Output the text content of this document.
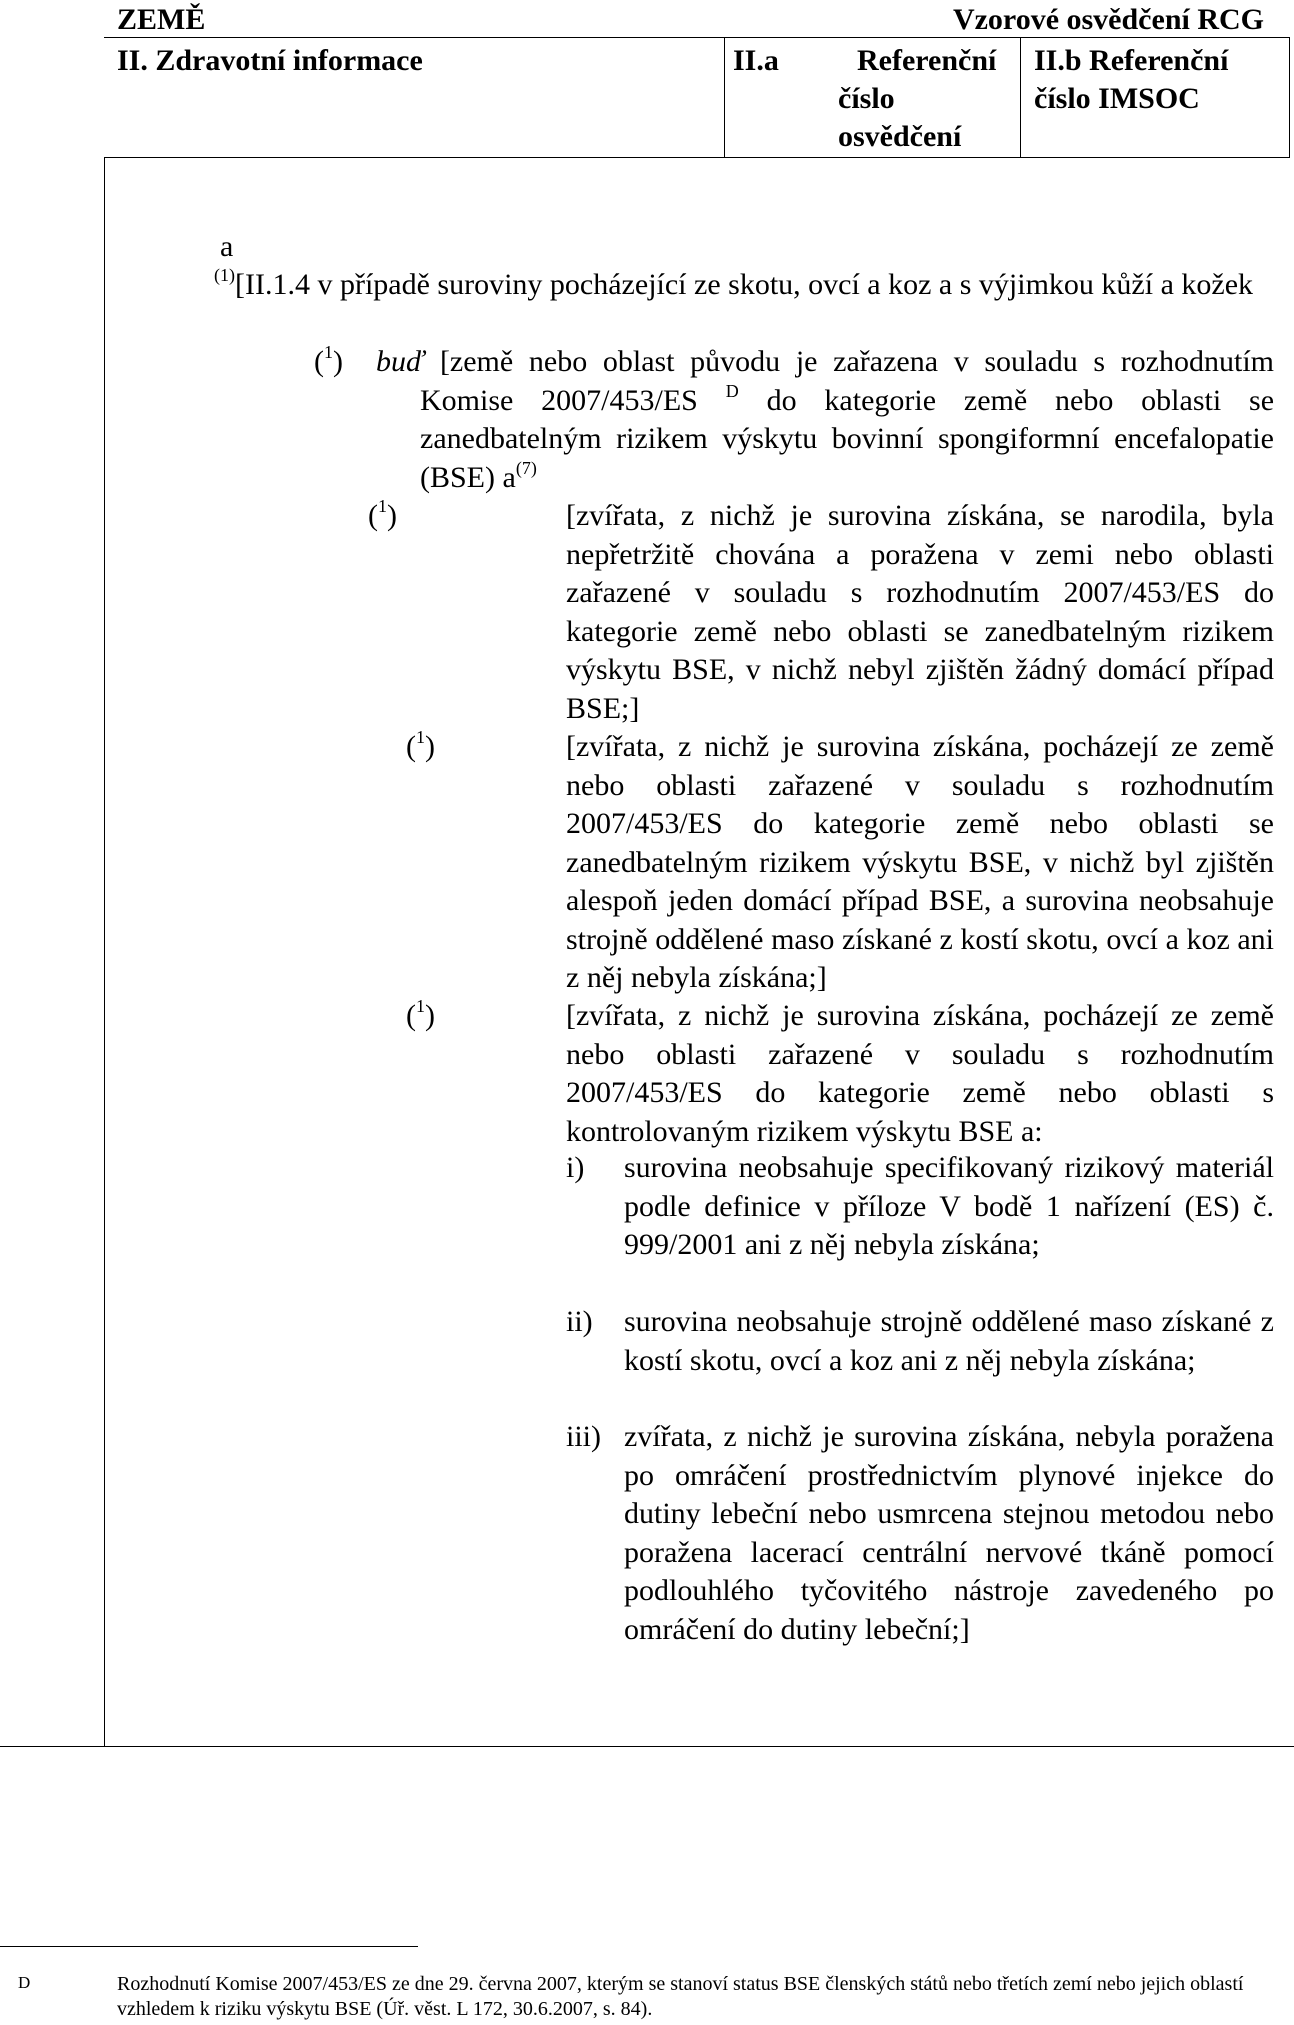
ZEMĚ	Vzorové osvědčení RCG
II. Zdravotní informace	II.a	Referenční
číslo
osvědčení
II.b Referenční
číslo IMSOC
a
$^{(1)}$[II.1.4 v případě suroviny pocházející ze skotu, ovcí a koz a s výjimkou kůží a kožek
($^1$)	buď [země nebo oblast původu je zařazena v souladu s rozhodnutím Komise 2007/453/ES $^D$ do kategorie země nebo oblasti se zanedbatelným rizikem výskytu bovinní spongiformní encefalopatie (BSE) $a^{(7)}$
($^1$)	[zvířata, z nichž je surovina získána, se narodila, byla nepřetržitě chována a poražena v zemi nebo oblasti zařazené v souladu s rozhodnutím 2007/453/ES do kategorie země nebo oblasti se zanedbatelným rizikem výskytu BSE, v nichž nebyl zjištěn žádný domácí případ BSE;]
($^1$)	[zvířata, z nichž je surovina získána, pocházejí ze země nebo oblasti zařazené v souladu s rozhodnutím 2007/453/ES do kategorie země nebo oblasti se zanedbatelným rizikem výskytu BSE, v nichž byl zjištěn alespoň jeden domácí případ BSE, a surovina neobsahuje strojně oddělené maso získané z kostí skotu, ovcí a koz ani z něj nebyla získána;]
($^1$)	[zvířata, z nichž je surovina získána, pocházejí ze země nebo oblasti zařazené v souladu s rozhodnutím 2007/453/ES do kategorie země nebo oblasti s kontrolovaným rizikem výskytu BSE a:
i) surovina neobsahuje specifikovaný rizikový materiál podle definice v příloze V bodě 1 nařízení (ES) č. 999/2001 ani z něj nebyla získána;
ii) surovina neobsahuje strojně oddělené maso získané z kostí skotu, ovcí a koz ani z něj nebyla získána;
iii) zvířata, z nichž je surovina získána, nebyla poražena po omráčení prostřednictvím plynové injekce do dutiny lebeční nebo usmrcena stejnou metodou nebo poražena lacerací centrální nervové tkáně pomocí podlouhlého tyčovitého nástroje zavedeného po omráčení do dutiny lebeční;]
D	Rozhodnutí Komise 2007/453/ES ze dne 29. června 2007, kterým se stanoví status BSE členských států nebo třetích zemí nebo jejich oblastí vzhledem k riziku výskytu BSE (Úř. věst. L 172, 30.6.2007, s. 84).
